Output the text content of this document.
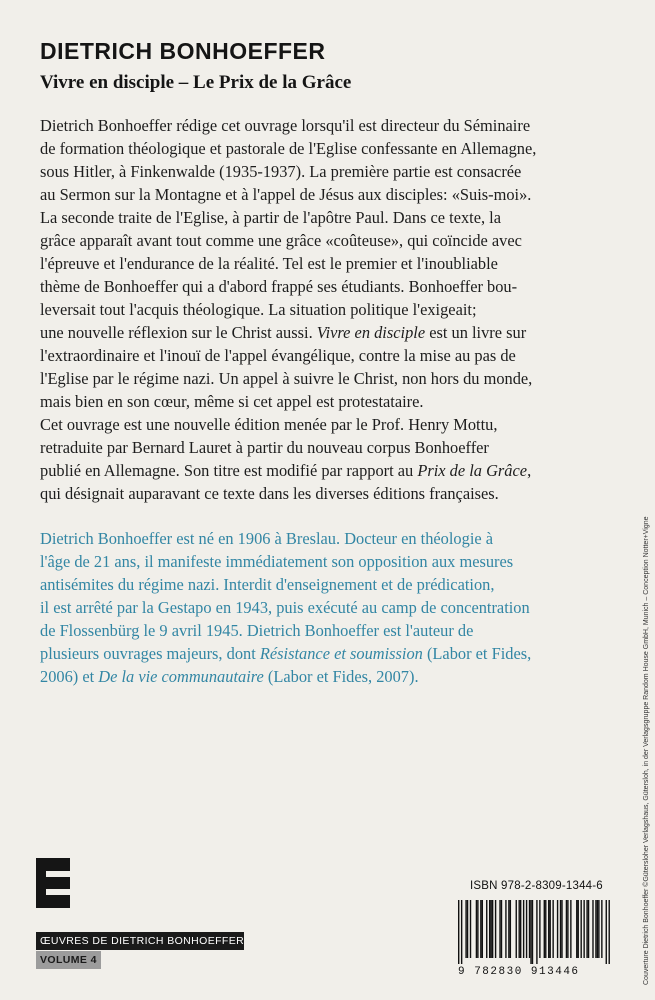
DIETRICH BONHOEFFER
Vivre en disciple – Le Prix de la Grâce

Dietrich Bonhoeffer rédige cet ouvrage lorsqu'il est directeur du Séminaire

de formation théologique et pastorale de l'Eglise confessante en Allemagne,

sous Hitler, à Finkenwalde (1935-1937). La première partie est consacrée

au Sermon sur la Montagne et à l'appel de Jésus aux disciples: «Suis-moi».

La seconde traite de l'Eglise, à partir de l'apôtre Paul. Dans ce texte, la

grâce apparaît avant tout comme une grâce «coûteuse», qui coïncide avec

l'épreuve et l'endurance de la réalité. Tel est le premier et l'inoubliable

thème de Bonhoeffer qui a d'abord frappé ses étudiants. Bonhoeffer bou-

leversait tout l'acquis théologique. La situation politique l'exigeait;

une nouvelle réflexion sur le Christ aussi. Vivre en disciple est un livre sur

l'extraordinaire et l'inouï de l'appel évangélique, contre la mise au pas de

l'Eglise par le régime nazi. Un appel à suivre le Christ, non hors du monde,

mais bien en son cœur, même si cet appel est protestataire.

Cet ouvrage est une nouvelle édition menée par le Prof. Henry Mottu,

retraduite par Bernard Lauret à partir du nouveau corpus Bonhoeffer

publié en Allemagne. Son titre est modifié par rapport au Prix de la Grâce,

qui désignait auparavant ce texte dans les diverses éditions françaises.

Dietrich Bonhoeffer est né en 1906 à Breslau. Docteur en théologie à

l'âge de 21 ans, il manifeste immédiatement son opposition aux mesures

antisémites du régime nazi. Interdit d'enseignement et de prédication,

il est arrêté par la Gestapo en 1943, puis exécuté au camp de concentration

de Flossenbürg le 9 avril 1945. Dietrich Bonhoeffer est l'auteur de

plusieurs ouvrages majeurs, dont Résistance et soumission (Labor et Fides,

2006) et De la vie communautaire (Labor et Fides, 2007).

ŒUVRES DE DIETRICH BONHOEFFER
VOLUME 4
ISBN 978-2-8309-1344-6
9 782830 913446	Couverture Dietrich Bonhoeffer ©Gütersloher Verlagshaus, Gütersloh, in der Verlagsgruppe Random House GmbH, Munich – Conception Notter+Vigne
